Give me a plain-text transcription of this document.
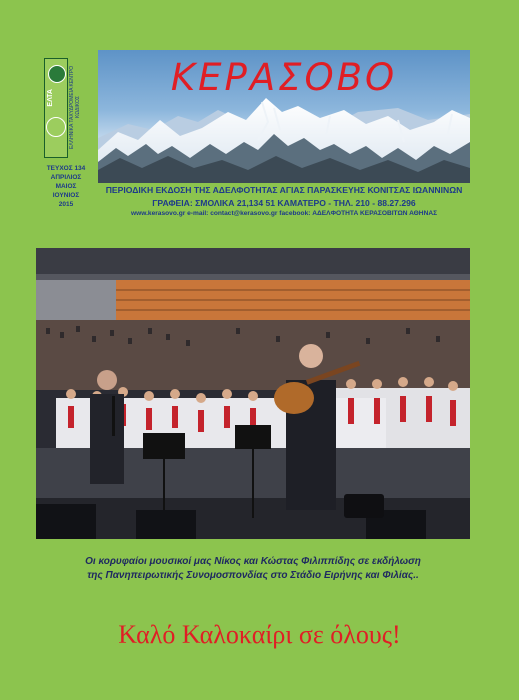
ΕΛΤΑ	ΕΛΛΗΝΙΚΑ ΤΑΧΥΔΡΟΜΕΙΑ ΚΕΝΤΡΟ ΚΩΔΙΚΟΣ
ΤΕΥΧΟΣ 134
ΑΠΡΙΛΙΟΣ
ΜΑΙΟΣ
ΙΟΥΝΙΟΣ
2015
ΚΕΡΑΣΟΒΟ
ΠΕΡΙΟΔΙΚΗ ΕΚΔΟΣΗ ΤΗΣ ΑΔΕΛΦΟΤΗΤΑΣ ΑΓΙΑΣ ΠΑΡΑΣΚΕΥΗΣ ΚΟΝΙΤΣΑΣ ΙΩΑΝΝΙΝΩΝ
ΓΡΑΦΕΙΑ: ΣΜΟΛΙΚΑ 21,134 51 ΚΑΜΑΤΕΡΟ - ΤΗΛ. 210 - 88.27.296
www.kerasovo.gr e-mail: contact@kerasovo.gr facebook: ΑΔΕΛΦΟΤΗΤΑ ΚΕΡΑΣΟΒΙΤΩΝ ΑΘΗΝΑΣ
Οι κορυφαίοι μουσικοί μας Νίκος και Κώστας Φιλιππίδης σε εκδήλωση
της Πανηπειρωτικής Συνομοσπονδίας στο Στάδιο Ειρήνης και Φιλίας..
Καλό Καλοκαίρι σε όλους!
